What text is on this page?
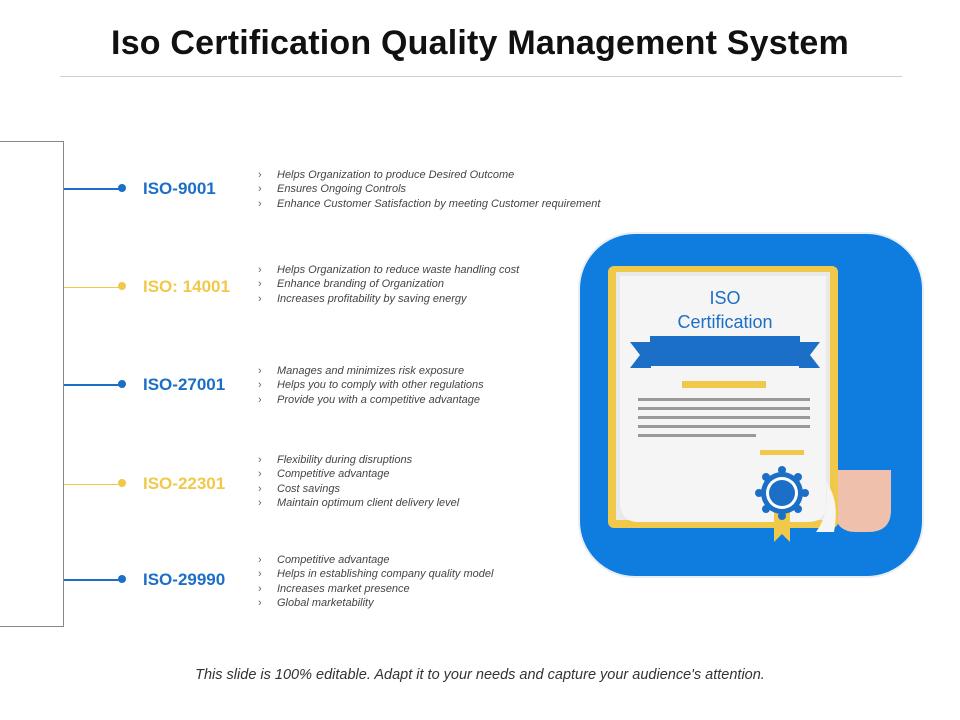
Iso Certification Quality Management System
ISO-9001
› Helps Organization to produce Desired Outcome
› Ensures Ongoing Controls
› Enhance Customer Satisfaction by meeting Customer requirement
ISO: 14001
› Helps Organization to reduce waste handling cost
› Enhance branding of Organization
› Increases profitability by saving energy
ISO-27001
› Manages and minimizes risk exposure
› Helps you to comply with other regulations
› Provide you with a competitive advantage
ISO-22301
› Flexibility during disruptions
› Competitive advantage
› Cost savings
› Maintain optimum client delivery level
ISO-29990
› Competitive advantage
› Helps in establishing company quality model
› Increases market presence
› Global marketability
ISO
Certification
This slide is 100% editable. Adapt it to your needs and capture your audience's attention.
